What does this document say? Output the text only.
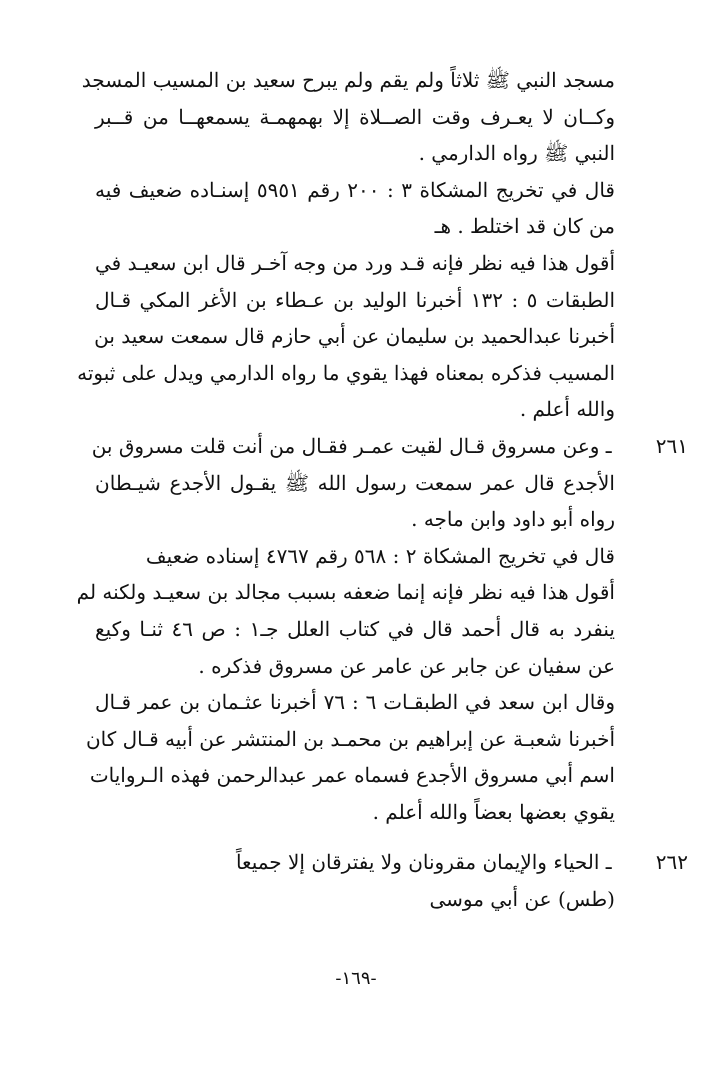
مسجد النبي ﷺ ثلاثاً ولم يقم ولم يبرح سعيد بن المسيب المسجد
وكــان لا يعـرف وقت الصــلاة إلا بهمهمـة يسمعهــا من قــبر
النبي ﷺ رواه الدارمي .
قال في تخريج المشكاة ٣ : ٢٠٠ رقم ٥٩٥١ إسنـاده ضعيف فيه
من كان قد اختلط . هـ
أقول هذا فيه نظر فإنه قـد ورد من وجه آخـر قال ابن سعيـد في
الطبقات ٥ : ١٣٢ أخبرنا الوليد بن عـطاء بن الأغر المكي قـال
أخبرنا عبدالحميد بن سليمان عن أبي حازم قال سمعت سعيد بن
المسيب فذكره بمعناه فهذا يقوي ما رواه الدارمي ويدل على ثبوته
والله أعلم .
٢٦١ ـ وعن مسروق قـال لقيت عمـر فقـال من أنت قلت مسروق بن
الأجدع قال عمر سمعت رسول الله ﷺ يقـول الأجدع شيـطان
رواه أبو داود وابن ماجه .
قال في تخريج المشكاة ٢ : ٥٦٨ رقم ٤٧٦٧ إسناده ضعيف
أقول هذا فيه نظر فإنه إنما ضعفه بسبب مجالد بن سعيـد ولكنه لم
ينفرد به قال أحمد قال في كتاب العلل جـ١ : ص ٤٦ ثنـا وكيع
عن سفيان عن جابر عن عامر عن مسروق فذكره .
وقال ابن سعد في الطبقـات ٦ : ٧٦ أخبرنا عثـمان بن عمر قـال
أخبرنا شعبـة عن إبراهيم بن محمـد بن المنتشر عن أبيه قـال كان
اسم أبي مسروق الأجدع فسماه عمر عبدالرحمن فهذه الـروايات
يقوي بعضها بعضاً والله أعلم .
٢٦٢ ـ الحياء والإيمان مقرونان ولا يفترقان إلا جميعاً
(طس) عن أبي موسى
-١٦٩-
